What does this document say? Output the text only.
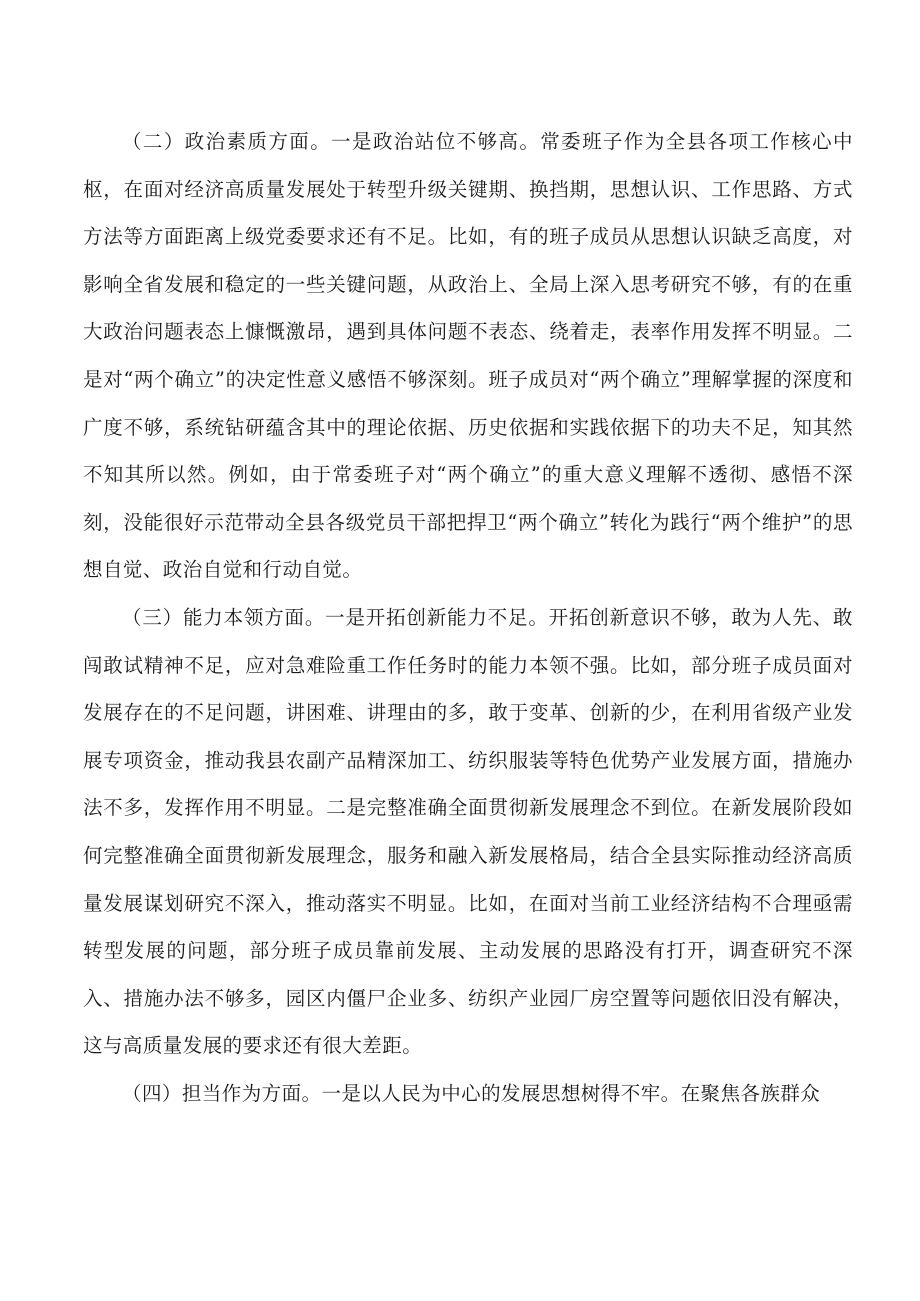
（二）政治素质方面。一是政治站位不够高。常委班子作为全县各项工作核心中枢，在面对经济高质量发展处于转型升级关键期、换挡期，思想认识、工作思路、方式方法等方面距离上级党委要求还有不足。比如，有的班子成员从思想认识缺乏高度，对影响全省发展和稳定的一些关键问题，从政治上、全局上深入思考研究不够，有的在重大政治问题表态上慷慨激昂，遇到具体问题不表态、绕着走，表率作用发挥不明显。二是对“两个确立”的决定性意义感悟不够深刻。班子成员对“两个确立”理解掌握的深度和广度不够，系统钻研蕴含其中的理论依据、历史依据和实践依据下的功夫不足，知其然不知其所以然。例如，由于常委班子对“两个确立”的重大意义理解不透彻、感悟不深刻，没能很好示范带动全县各级党员干部把捍卫“两个确立”转化为践行“两个维护”的思想自觉、政治自觉和行动自觉。

（三）能力本领方面。一是开拓创新能力不足。开拓创新意识不够，敢为人先、敢闯敢试精神不足，应对急难险重工作任务时的能力本领不强。比如，部分班子成员面对发展存在的不足问题，讲困难、讲理由的多，敢于变革、创新的少，在利用省级产业发展专项资金，推动我县农副产品精深加工、纺织服装等特色优势产业发展方面，措施办法不多，发挥作用不明显。二是完整准确全面贯彻新发展理念不到位。在新发展阶段如何完整准确全面贯彻新发展理念，服务和融入新发展格局，结合全县实际推动经济高质量发展谋划研究不深入，推动落实不明显。比如，在面对当前工业经济结构不合理亟需转型发展的问题，部分班子成员靠前发展、主动发展的思路没有打开，调查研究不深入、措施办法不够多，园区内僵尸企业多、纺织产业园厂房空置等问题依旧没有解决，这与高质量发展的要求还有很大差距。

（四）担当作为方面。一是以人民为中心的发展思想树得不牢。在聚焦各族群众
